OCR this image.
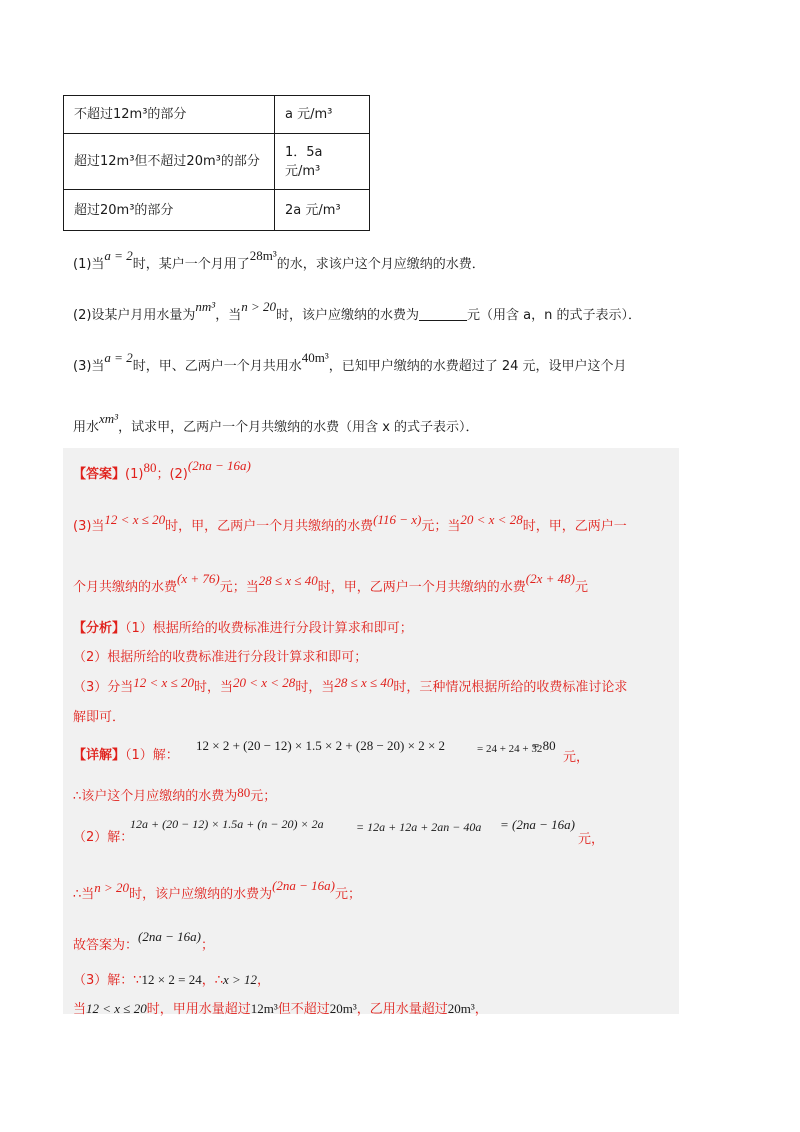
不超过12m³的部分	a 元/m³
超过12m³但不超过20m³的部分	1．5a 元/m³
超过20m³的部分	2a 元/m³
(1)当a = 2时，某户一个月用了28m³的水，求该户这个月应缴纳的水费．
(2)设某户月用水量为nm³，当n > 20时，该户应缴纳的水费为	元（用含 a，n 的式子表示）．
(3)当a = 2时，甲、乙两户一个月共用水40m³，已知甲户缴纳的水费超过了 24 元，设甲户这个月
用水xm³，试求甲，乙两户一个月共缴纳的水费（用含 x 的式子表示）．
【答案】(1)80；(2)(2na − 16a)
(3)当12 < x ≤ 20时，甲，乙两户一个月共缴纳的水费(116 − x)元；当20 < x < 28时，甲，乙两户一
个月共缴纳的水费(x + 76)元；当28 ≤ x ≤ 40时，甲，乙两户一个月共缴纳的水费(2x + 48)元
【分析】（1）根据所给的收费标准进行分段计算求和即可；
（2）根据所给的收费标准进行分段计算求和即可；
（3）分当12 < x ≤ 20时，当20 < x < 28时，当28 ≤ x ≤ 40时，三种情况根据所给的收费标准讨论求
解即可．
【详解】（1）解：
12 × 2 + (20 − 12) × 1.5 × 2 + (28 − 20) × 2 × 2	= 24 + 24 + 32
= 80
元，
∴该户这个月应缴纳的水费为80元；
（2）解：
12a + (20 − 12) × 1.5a + (n − 20) × 2a	= 12a + 12a + 2an − 40a = (2na − 16a)
元，
∴当n > 20时，该户应缴纳的水费为(2na − 16a)元；
故答案为：(2na − 16a)；
（3）解：∵12 × 2 = 24，∴x > 12，
当12 < x ≤ 20时，甲用水量超过12m³但不超过20m³，乙用水量超过20m³，
